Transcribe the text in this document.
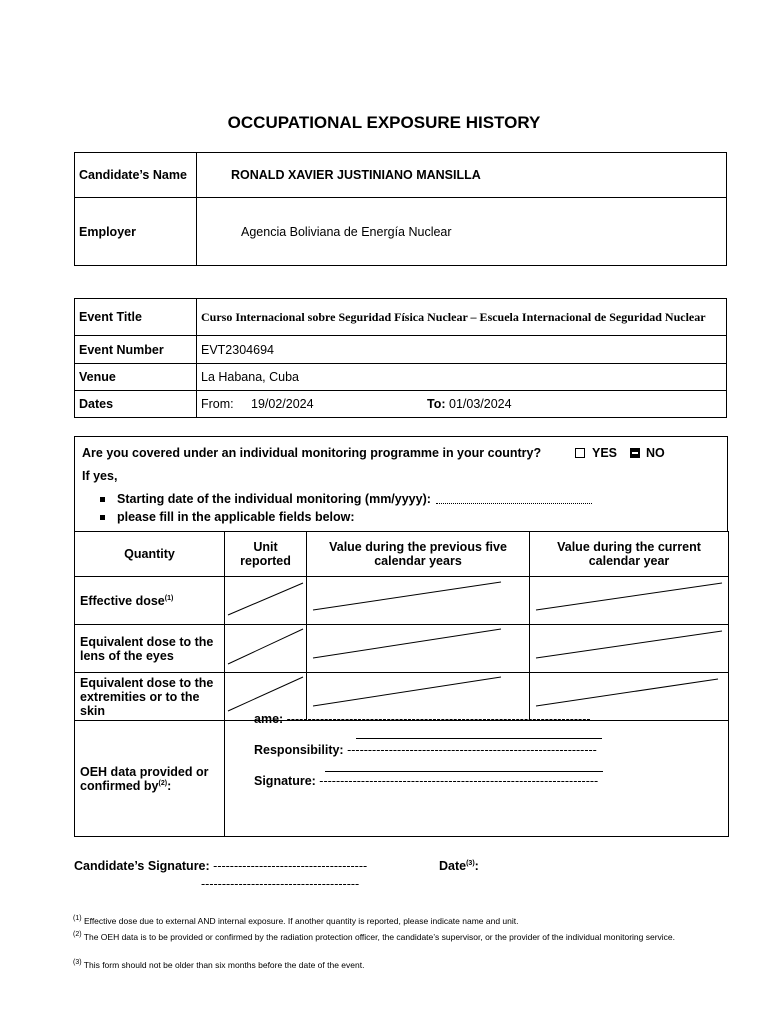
OCCUPATIONAL EXPOSURE HISTORY
Candidate’s Name	RONALD XAVIER JUSTINIANO MANSILLA
Employer	Agencia Boliviana de Energía Nuclear
Event Title	Curso Internacional sobre Seguridad Física Nuclear – Escuela Internacional de Seguridad Nuclear
Event Number	EVT2304694
Venue	La Habana, Cuba
Dates	From: 19/02/2024 To: 01/03/2024
Are you covered under an individual monitoring programme in your country?	YES NO
If yes,
Starting date of the individual monitoring (mm/yyyy):
please fill in the applicable fields below:
Quantity	Unit reported	Value during the previous five calendar years	Value during the current calendar year
Effective dose$^{(1)}$			
Equivalent dose to the lens of the eyes			
Equivalent dose to the extremities or to the skin			
OEH data provided or confirmed $by^{(2)}$:			
ame: -------------------------------------------------------------------------
Responsibility: ------------------------------------------------------------
Signature: -------------------------------------------------------------------
Candidate’s Signature: -------------------------------------
--------------------------------------
Date$^{(3)}$:
$^{(1)}$ Effective dose due to external AND internal exposure. If another quantity is reported, please indicate name and unit.
$^{(2)}$ The OEH data is to be provided or confirmed by the radiation protection officer, the candidate’s supervisor, or the provider of the individual monitoring service.
$^{(3)}$ This form should not be older than six months before the date of the event.
